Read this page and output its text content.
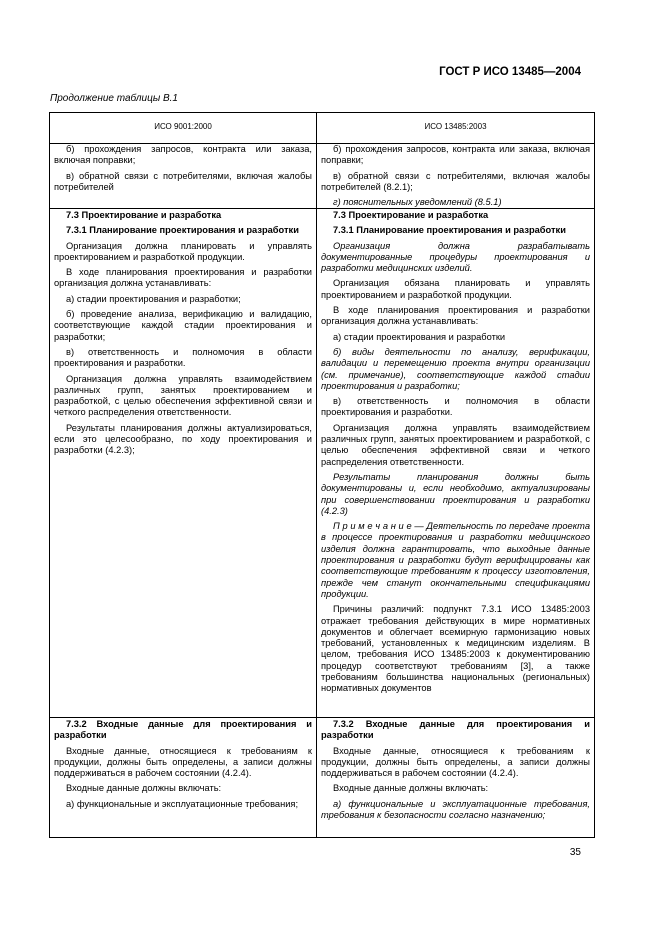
ГОСТ Р ИСО 13485—2004
Продолжение таблицы В.1
ИСО 9001:2000	ИСО 13485:2003

б) прохождения запросов, контракта или заказа, включая поправки;

в) обратной связи с потребителями, включая жалобы потребителей

б) прохождения запросов, контракта или заказа, включая поправки;

в) обратной связи с потребителями, включая жалобы потребителей (8.2.1);

г) пояснительных уведомлений (8.5.1)

7.3 Проектирование и разработка

7.3.1 Планирование проектирования и разработки

Организация должна планировать и управлять проектированием и разработкой продукции.

В ходе планирования проектирования и разработки организация должна устанавливать:

а) стадии проектирования и разработки;

б) проведение анализа, верификацию и валидацию, соответствующие каждой стадии проектирования и разработки;

в) ответственность и полномочия в области проектирования и разработки.

Организация должна управлять взаимодействием различных групп, занятых проектированием и разработкой, с целью обеспечения эффективной связи и четкого распределения ответственности.

Результаты планирования должны актуализироваться, если это целесообразно, по ходу проектирования и разработки (4.2.3);

7.3 Проектирование и разработка

7.3.1 Планирование проектирования и разработки

Организация должна разрабатывать документированные процедуры проектирования и разработки медицинских изделий.

Организация обязана планировать и управлять проектированием и разработкой продукции.

В ходе планирования проектирования и разработки организация должна устанавливать:

а) стадии проектирования и разработки

б) виды деятельности по анализу, верификации, валидации и перемещению проекта внутри организации (см. примечание), соответствующие каждой стадии проектирования и разработки;

в) ответственность и полномочия в области проектирования и разработки.

Организация должна управлять взаимодействием различных групп, занятых проектированием и разработкой, с целью обеспечения эффективной связи и четкого распределения ответственности.

Результаты планирования должны быть документированы и, если необходимо, актуализированы при совершенствовании проектирования и разработки (4.2.3)

П р и м е ч а н и е — Деятельность по передаче проекта в процессе проектирования и разработки медицинского изделия должна гарантировать, что выходные данные проектирования и разработки будут верифицированы как соответствующие требованиям к процессу изготовления, прежде чем станут окончательными спецификациями продукции.

Причины различий: подпункт 7.3.1 ИСО 13485:2003 отражает требования действующих в мире нормативных документов и облегчает всемирную гармонизацию новых требований, установленных к медицинским изделиям. В целом, требования ИСО 13485:2003 к документированию процедур соответствуют требованиям [3], а также требованиям большинства национальных (региональных) нормативных документов

7.3.2 Входные данные для проектирования и разработки

Входные данные, относящиеся к требованиям к продукции, должны быть определены, а записи должны поддерживаться в рабочем состоянии (4.2.4).

Входные данные должны включать:

а) функциональные и эксплуатационные требования;

7.3.2 Входные данные для проектирования и разработки

Входные данные, относящиеся к требованиям к продукции, должны быть определены, а записи должны поддерживаться в рабочем состоянии (4.2.4).

Входные данные должны включать:

а) функциональные и эксплуатационные требования, требования к безопасности согласно назначению;

35
